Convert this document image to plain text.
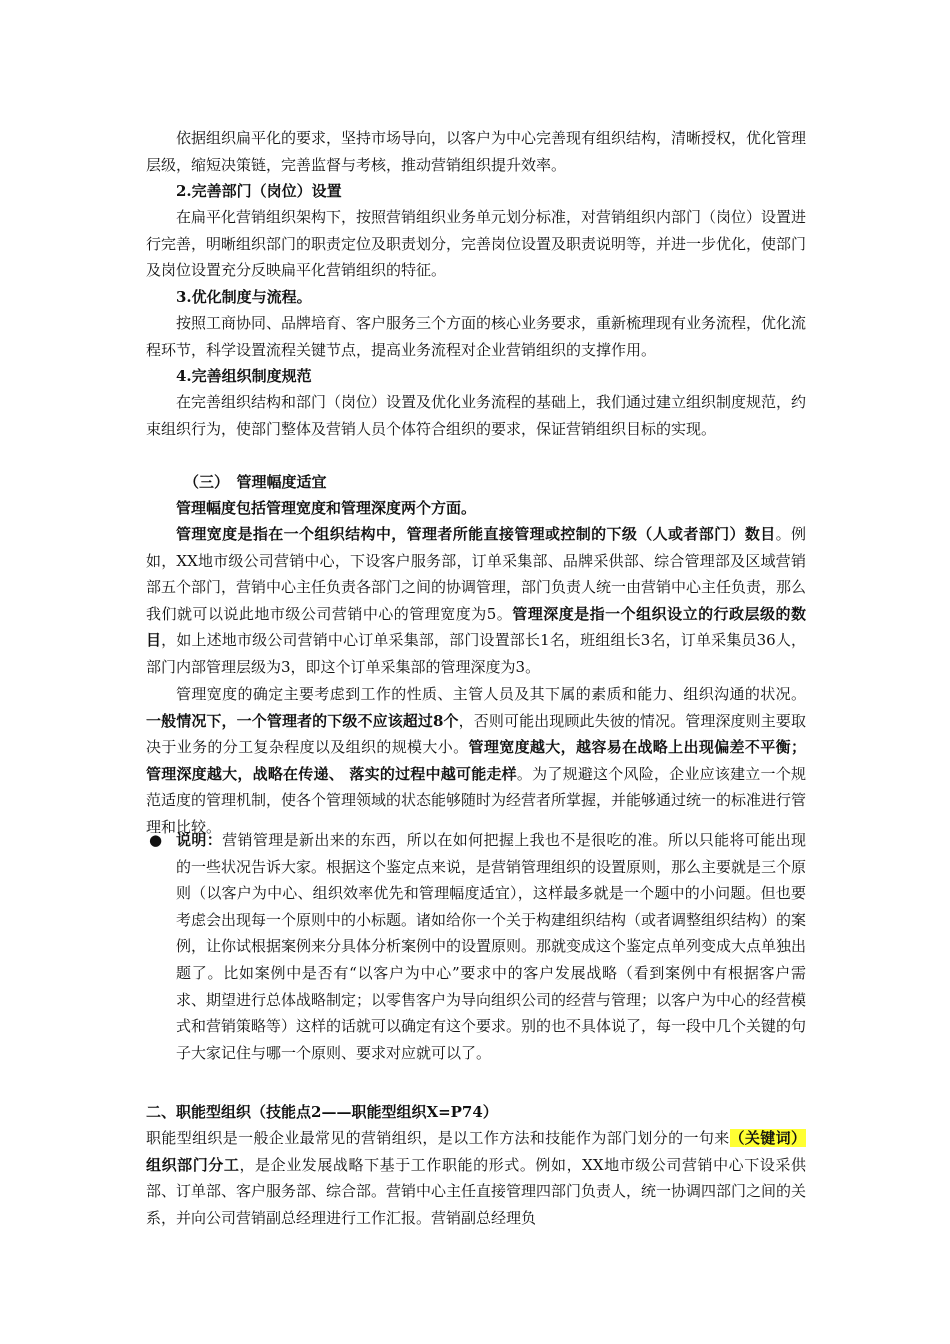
依据组织扁平化的要求，坚持市场导向，以客户为中心完善现有组织结构，清晰授权，优化管理层级，缩短决策链，完善监督与考核，推动营销组织提升效率。
2.完善部门（岗位）设置
在扁平化营销组织架构下，按照营销组织业务单元划分标准，对营销组织内部门（岗位）设置进行完善，明晰组织部门的职责定位及职责划分，完善岗位设置及职责说明等，并进一步优化，使部门及岗位设置充分反映扁平化营销组织的特征。
3.优化制度与流程。
按照工商协同、品牌培育、客户服务三个方面的核心业务要求，重新梳理现有业务流程，优化流程环节，科学设置流程关键节点，提高业务流程对企业营销组织的支撑作用。
4.完善组织制度规范
在完善组织结构和部门（岗位）设置及优化业务流程的基础上，我们通过建立组织制度规范，约束组织行为，使部门整体及营销人员个体符合组织的要求，保证营销组织目标的实现。
（三）　管理幅度适宜
管理幅度包括管理宽度和管理深度两个方面。
管理宽度是指在一个组织结构中，管理者所能直接管理或控制的下级（人或者部门）数目。例如，XX地市级公司营销中心，下设客户服务部，订单采集部、品牌采供部、综合管理部及区域营销部五个部门，营销中心主任负责各部门之间的协调管理，部门负责人统一由营销中心主任负责，那么我们就可以说此地市级公司营销中心的管理宽度为5。管理深度是指一个组织设立的行政层级的数目，如上述地市级公司营销中心订单采集部，部门设置部长1名，班组组长3名，订单采集员36人，部门内部管理层级为3，即这个订单采集部的管理深度为3。
管理宽度的确定主要考虑到工作的性质、主管人员及其下属的素质和能力、组织沟通的状况。一般情况下，一个管理者的下级不应该超过8个，否则可能出现顾此失彼的情况。管理深度则主要取决于业务的分工复杂程度以及组织的规模大小。管理宽度越大，越容易在战略上出现偏差不平衡；管理深度越大，战略在传递、 落实的过程中越可能走样。为了规避这个风险，企业应该建立一个规范适度的管理机制，使各个管理领域的状态能够随时为经营者所掌握，并能够通过统一的标准进行管理和比较。
● 说明：营销管理是新出来的东西，所以在如何把握上我也不是很吃的准。所以只能将可能出现的一些状况告诉大家。根据这个鉴定点来说，是营销管理组织的设置原则，那么主要就是三个原则（以客户为中心、组织效率优先和管理幅度适宜），这样最多就是一个题中的小问题。但也要考虑会出现每一个原则中的小标题。诸如给你一个关于构建组织结构（或者调整组织结构）的案例，让你试根据案例来分具体分析案例中的设置原则。那就变成这个鉴定点单列变成大点单独出题了。比如案例中是否有“以客户为中心”要求中的客户发展战略（看到案例中有根据客户需求、期望进行总体战略制定；以零售客户为导向组织公司的经营与管理；以客户为中心的经营模式和营销策略等）这样的话就可以确定有这个要求。别的也不具体说了，每一段中几个关键的句子大家记住与哪一个原则、要求对应就可以了。
二、职能型组织（技能点2——职能型组织X=P74）
职能型组织是一般企业最常见的营销组织，是以工作方法和技能作为部门划分的一句来（关键词）组织部门分工，是企业发展战略下基于工作职能的形式。例如，XX地市级公司营销中心下设采供部、订单部、客户服务部、综合部。营销中心主任直接管理四部门负责人，统一协调四部门之间的关系，并向公司营销副总经理进行工作汇报。营销副总经理负
